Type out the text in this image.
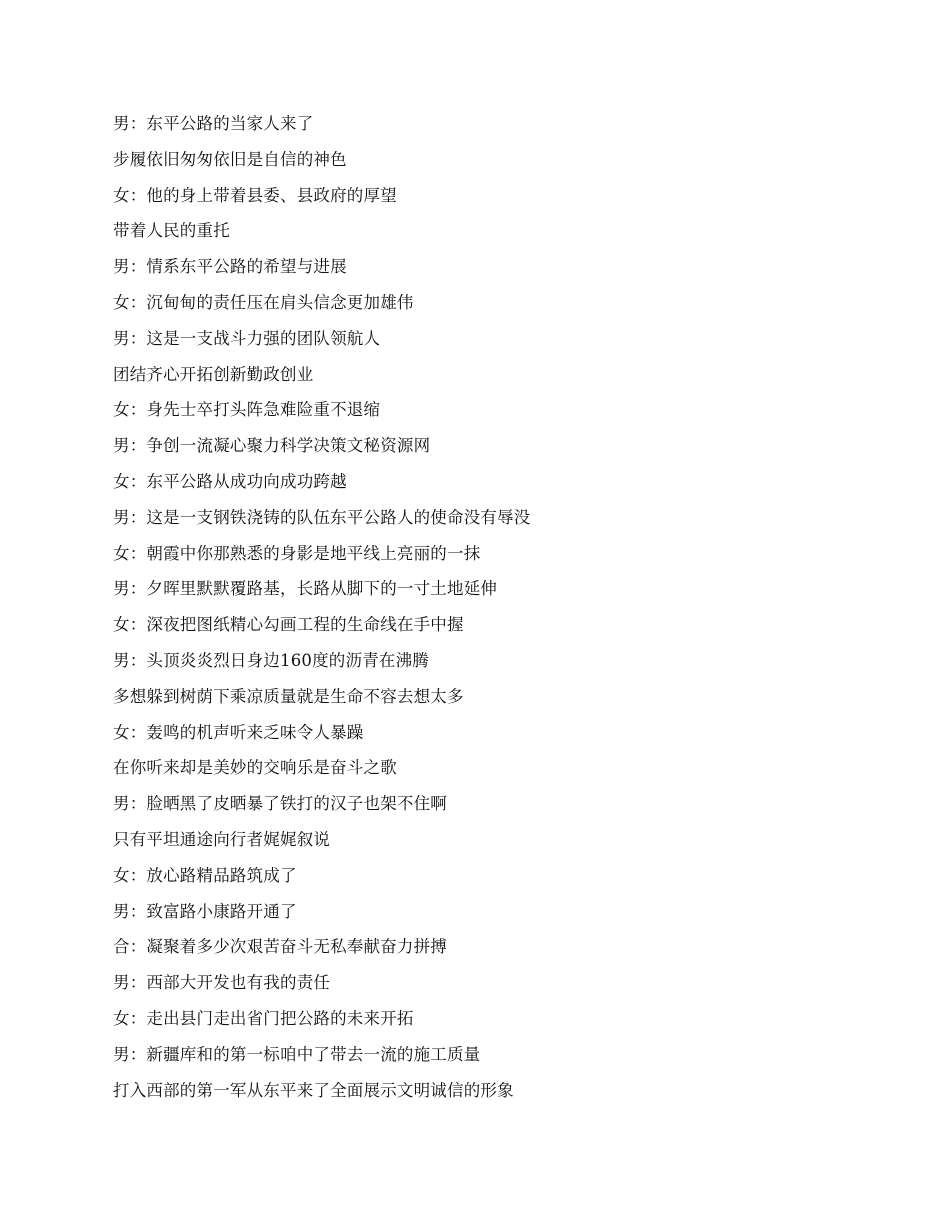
男：东平公路的当家人来了
步履依旧匆匆依旧是自信的神色
女：他的身上带着县委、县政府的厚望
带着人民的重托
男：情系东平公路的希望与进展
女：沉甸甸的责任压在肩头信念更加雄伟
男：这是一支战斗力强的团队领航人
团结齐心开拓创新勤政创业
女：身先士卒打头阵急难险重不退缩
男：争创一流凝心聚力科学决策文秘资源网
女：东平公路从成功向成功跨越
男：这是一支钢铁浇铸的队伍东平公路人的使命没有辱没
女：朝霞中你那熟悉的身影是地平线上亮丽的一抹
男：夕晖里默默覆路基，长路从脚下的一寸土地延伸
女：深夜把图纸精心勾画工程的生命线在手中握
男：头顶炎炎烈日身边160度的沥青在沸腾
多想躲到树荫下乘凉质量就是生命不容去想太多
女：轰鸣的机声听来乏味令人暴躁
在你听来却是美妙的交响乐是奋斗之歌
男：脸晒黑了皮晒暴了铁打的汉子也架不住啊
只有平坦通途向行者娓娓叙说
女：放心路精品路筑成了
男：致富路小康路开通了
合：凝聚着多少次艰苦奋斗无私奉献奋力拼搏
男：西部大开发也有我的责任
女：走出县门走出省门把公路的未来开拓
男：新疆库和的第一标咱中了带去一流的施工质量
打入西部的第一军从东平来了全面展示文明诚信的形象
